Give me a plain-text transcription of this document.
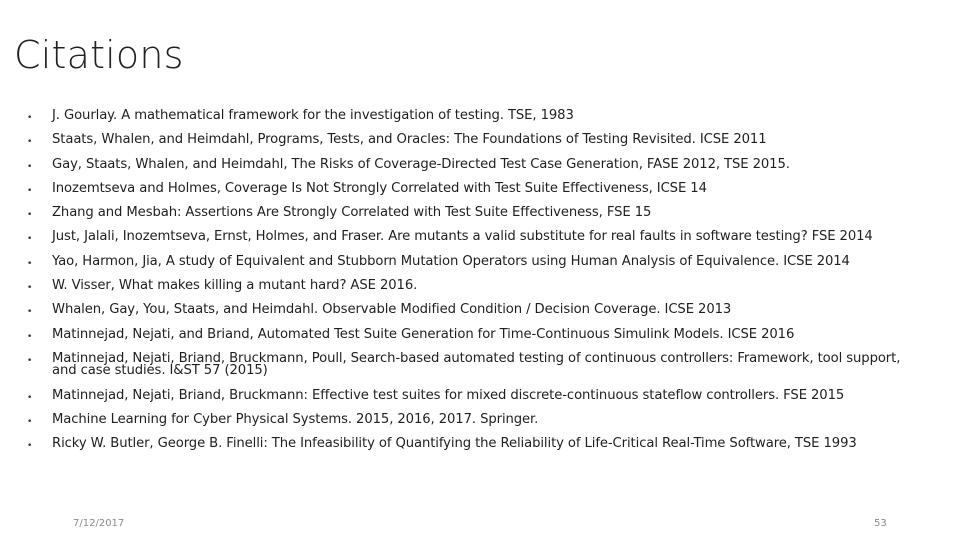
Citations
• J. Gourlay. A mathematical framework for the investigation of testing. TSE, 1983
• Staats, Whalen, and Heimdahl, Programs, Tests, and Oracles: The Foundations of Testing Revisited. ICSE 2011
• Gay, Staats, Whalen, and Heimdahl, The Risks of Coverage-Directed Test Case Generation, FASE 2012, TSE 2015.
• Inozemtseva and Holmes, Coverage Is Not Strongly Correlated with Test Suite Effectiveness, ICSE 14
• Zhang and Mesbah: Assertions Are Strongly Correlated with Test Suite Effectiveness, FSE 15
• Just, Jalali, Inozemtseva, Ernst, Holmes, and Fraser. Are mutants a valid substitute for real faults in software testing? FSE 2014
• Yao, Harmon, Jia, A study of Equivalent and Stubborn Mutation Operators using Human Analysis of Equivalence. ICSE 2014
• W. Visser, What makes killing a mutant hard? ASE 2016.
• Whalen, Gay, You, Staats, and Heimdahl. Observable Modified Condition / Decision Coverage. ICSE 2013
• Matinnejad, Nejati, and Briand, Automated Test Suite Generation for Time-Continuous Simulink Models. ICSE 2016
• Matinnejad, Nejati, Briand, Bruckmann, Poull, Search-based automated testing of continuous controllers: Framework, tool support, and case studies. I&ST 57 (2015)
• Matinnejad, Nejati, Briand, Bruckmann: Effective test suites for mixed discrete-continuous stateflow controllers. FSE 2015
• Machine Learning for Cyber Physical Systems. 2015, 2016, 2017. Springer.
• Ricky W. Butler, George B. Finelli: The Infeasibility of Quantifying the Reliability of Life-Critical Real-Time Software, TSE 1993
7/12/2017	53
